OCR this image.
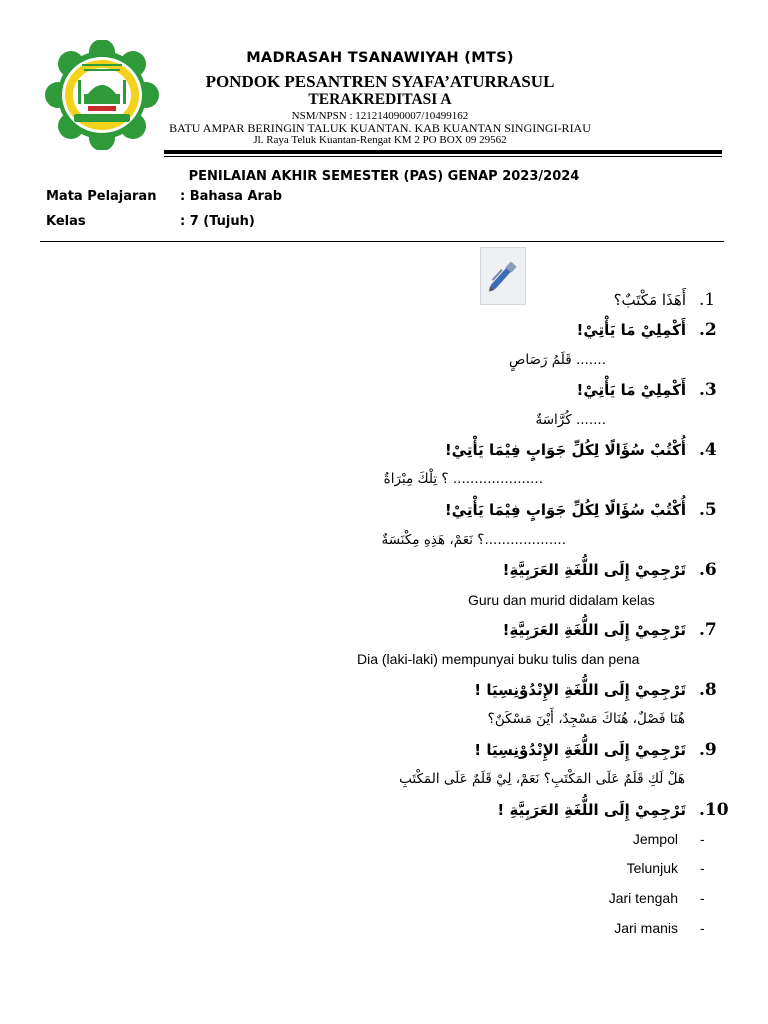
MADRASAH TSANAWIYAH (MTS)
PONDOK PESANTREN SYAFA’ATURRASUL
TERAKREDITASI A
NSM/NPSN : 121214090007/10499162
BATU AMPAR BERINGIN TALUK KUANTAN. KAB KUANTAN SINGINGI-RIAU
Jl. Raya Teluk Kuantan-Rengat KM 2 PO BOX 09 29562
PENILAIAN AKHIR SEMESTER (PAS) GENAP 2023/2024
Mata Pelajaran : Bahasa Arab
Kelas	: 7 (Tujuh)
.1
أَهَذَا مَكْتَبٌ؟
.2
أَكْمِلِيْ مَا يَأْتِيْ!
....... قَلَمُ رَصَاصٍ
.3
أَكْمِلِيْ مَا يَأْتِيْ!
....... كُرَّاسَةٌ
.4
أُكْتُبْ سُؤَالًا لِكُلِّ جَوَابٍ فِيْمَا يَأْتِيْ!
..................... ؟ تِلْكَ مِبْرَاةٌ
.5
أُكْتُبْ سُؤَالًا لِكُلِّ جَوَابٍ فِيْمَا يَأْتِيْ!
...................؟ نَعَمْ، هَذِهِ مِكْنَسَةٌ
.6
تَرْجِمِيْ إِلَى اللُّغَةِ العَرَبِيَّةِ!
Guru dan murid didalam kelas
.7
تَرْجِمِيْ إِلَى اللُّغَةِ العَرَبِيَّةِ!
Dia (laki-laki) mempunyai buku tulis dan pena
.8
تَرْجِمِيْ إِلَى اللُّغَةِ الإِنْدُوْنِسِيَا !
هُنَا فَصْلٌ، هُنَاكَ مَسْجِدٌ، أَيْنَ مَسْكَنٌ؟
.9
تَرْجِمِيْ إِلَى اللُّغَةِ الإِنْدُوْنِسِيَا !
هَلْ لَكِ قَلَمٌ عَلَى المَكْتَبِ؟ نَعَمْ، لِيْ قَلَمٌ عَلَى المَكْتَبِ
.10
تَرْجِمِيْ إِلَى اللُّغَةِ العَرَبِيَّةِ !
Jempol -
Telunjuk -
Jari tengah -
Jari manis -
